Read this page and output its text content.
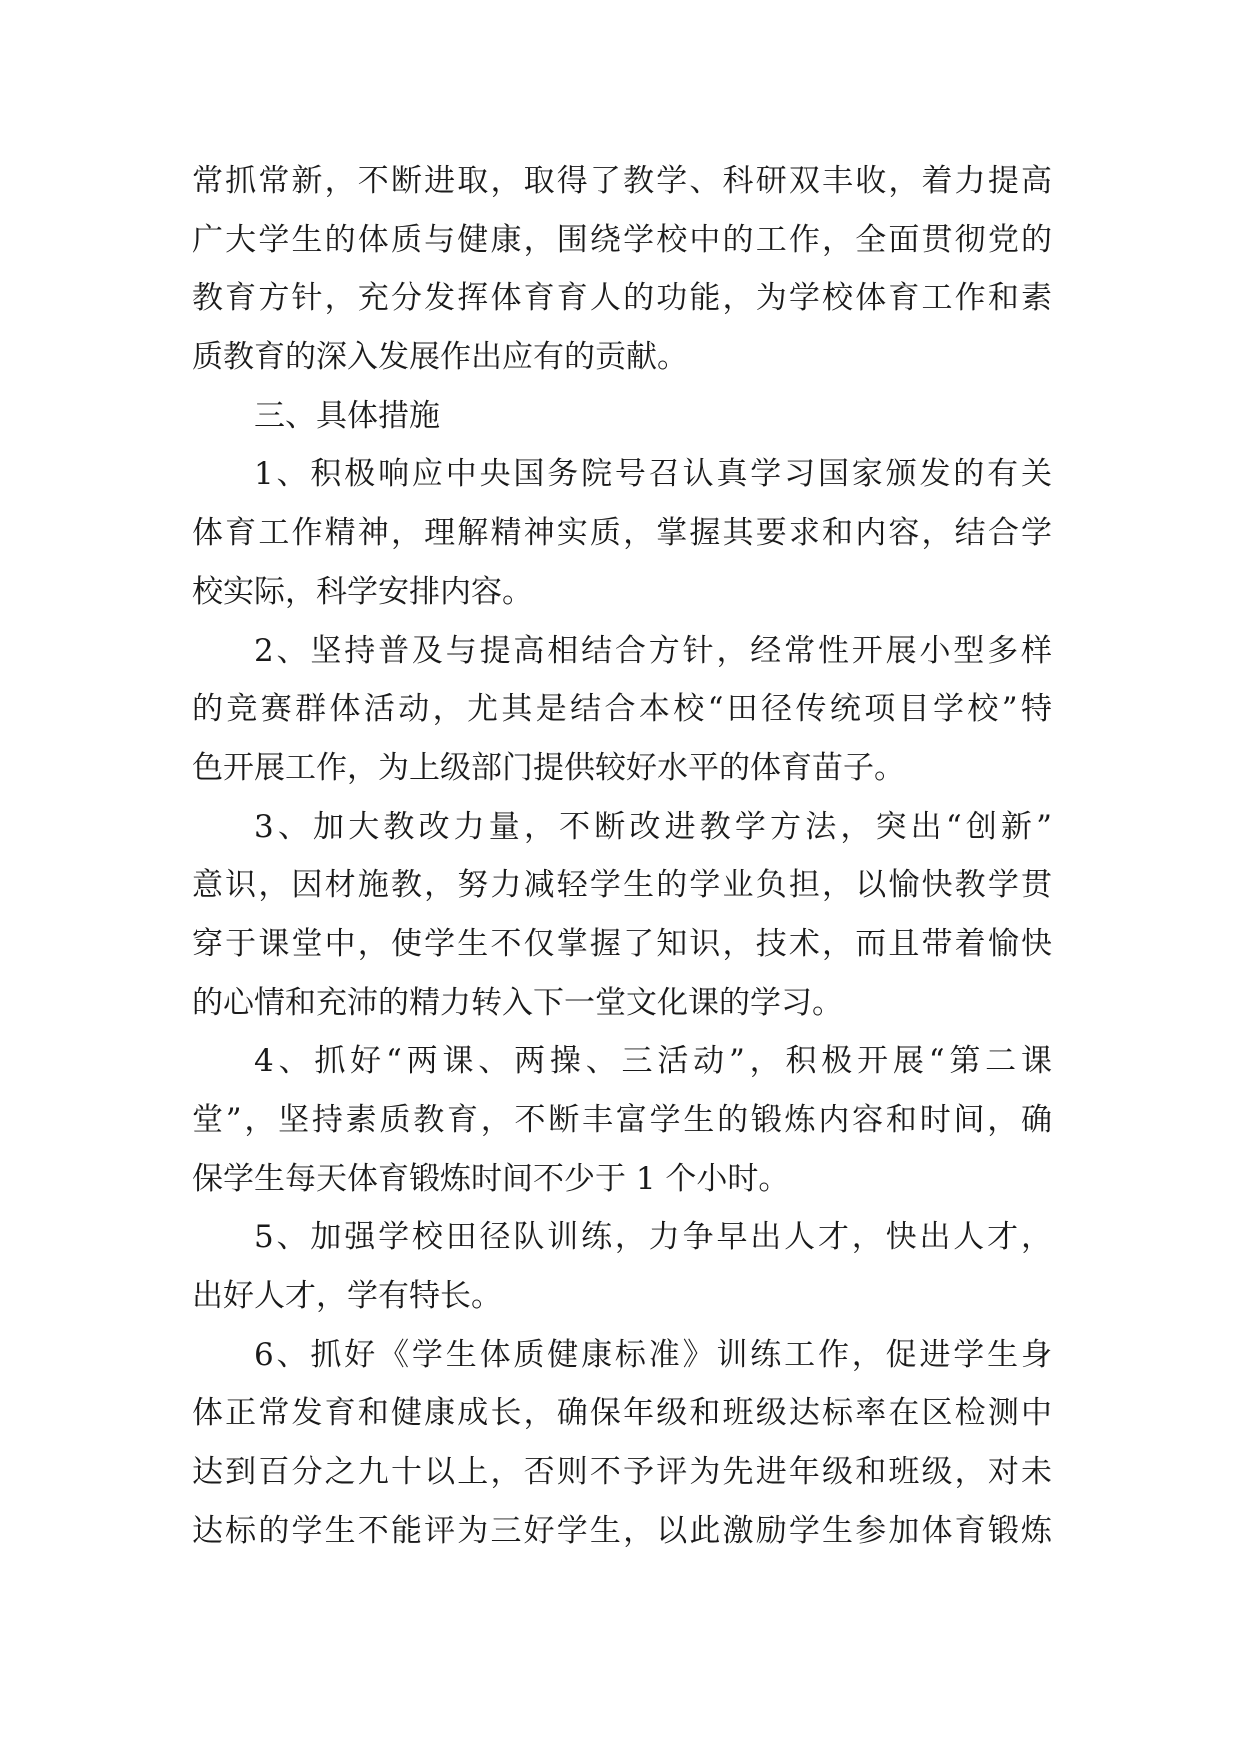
常抓常新，不断进取，取得了教学、科研双丰收，着力提高
广大学生的体质与健康，围绕学校中的工作，全面贯彻党的
教育方针，充分发挥体育育人的功能，为学校体育工作和素
质教育的深入发展作出应有的贡献。
三、具体措施
1、积极响应中央国务院号召认真学习国家颁发的有关
体育工作精神，理解精神实质，掌握其要求和内容，结合学
校实际，科学安排内容。
2、坚持普及与提高相结合方针，经常性开展小型多样
的竞赛群体活动，尤其是结合本校“田径传统项目学校”特
色开展工作，为上级部门提供较好水平的体育苗子。
3、加大教改力量，不断改进教学方法，突出“创新”
意识，因材施教，努力减轻学生的学业负担，以愉快教学贯
穿于课堂中，使学生不仅掌握了知识，技术，而且带着愉快
的心情和充沛的精力转入下一堂文化课的学习。
4、抓好“两课、两操、三活动”，积极开展“第二课
堂”，坚持素质教育，不断丰富学生的锻炼内容和时间，确
保学生每天体育锻炼时间不少于 1 个小时。
5、加强学校田径队训练，力争早出人才，快出人才，
出好人才，学有特长。
6、抓好《学生体质健康标准》训练工作，促进学生身
体正常发育和健康成长，确保年级和班级达标率在区检测中
达到百分之九十以上，否则不予评为先进年级和班级，对未
达标的学生不能评为三好学生，以此激励学生参加体育锻炼
